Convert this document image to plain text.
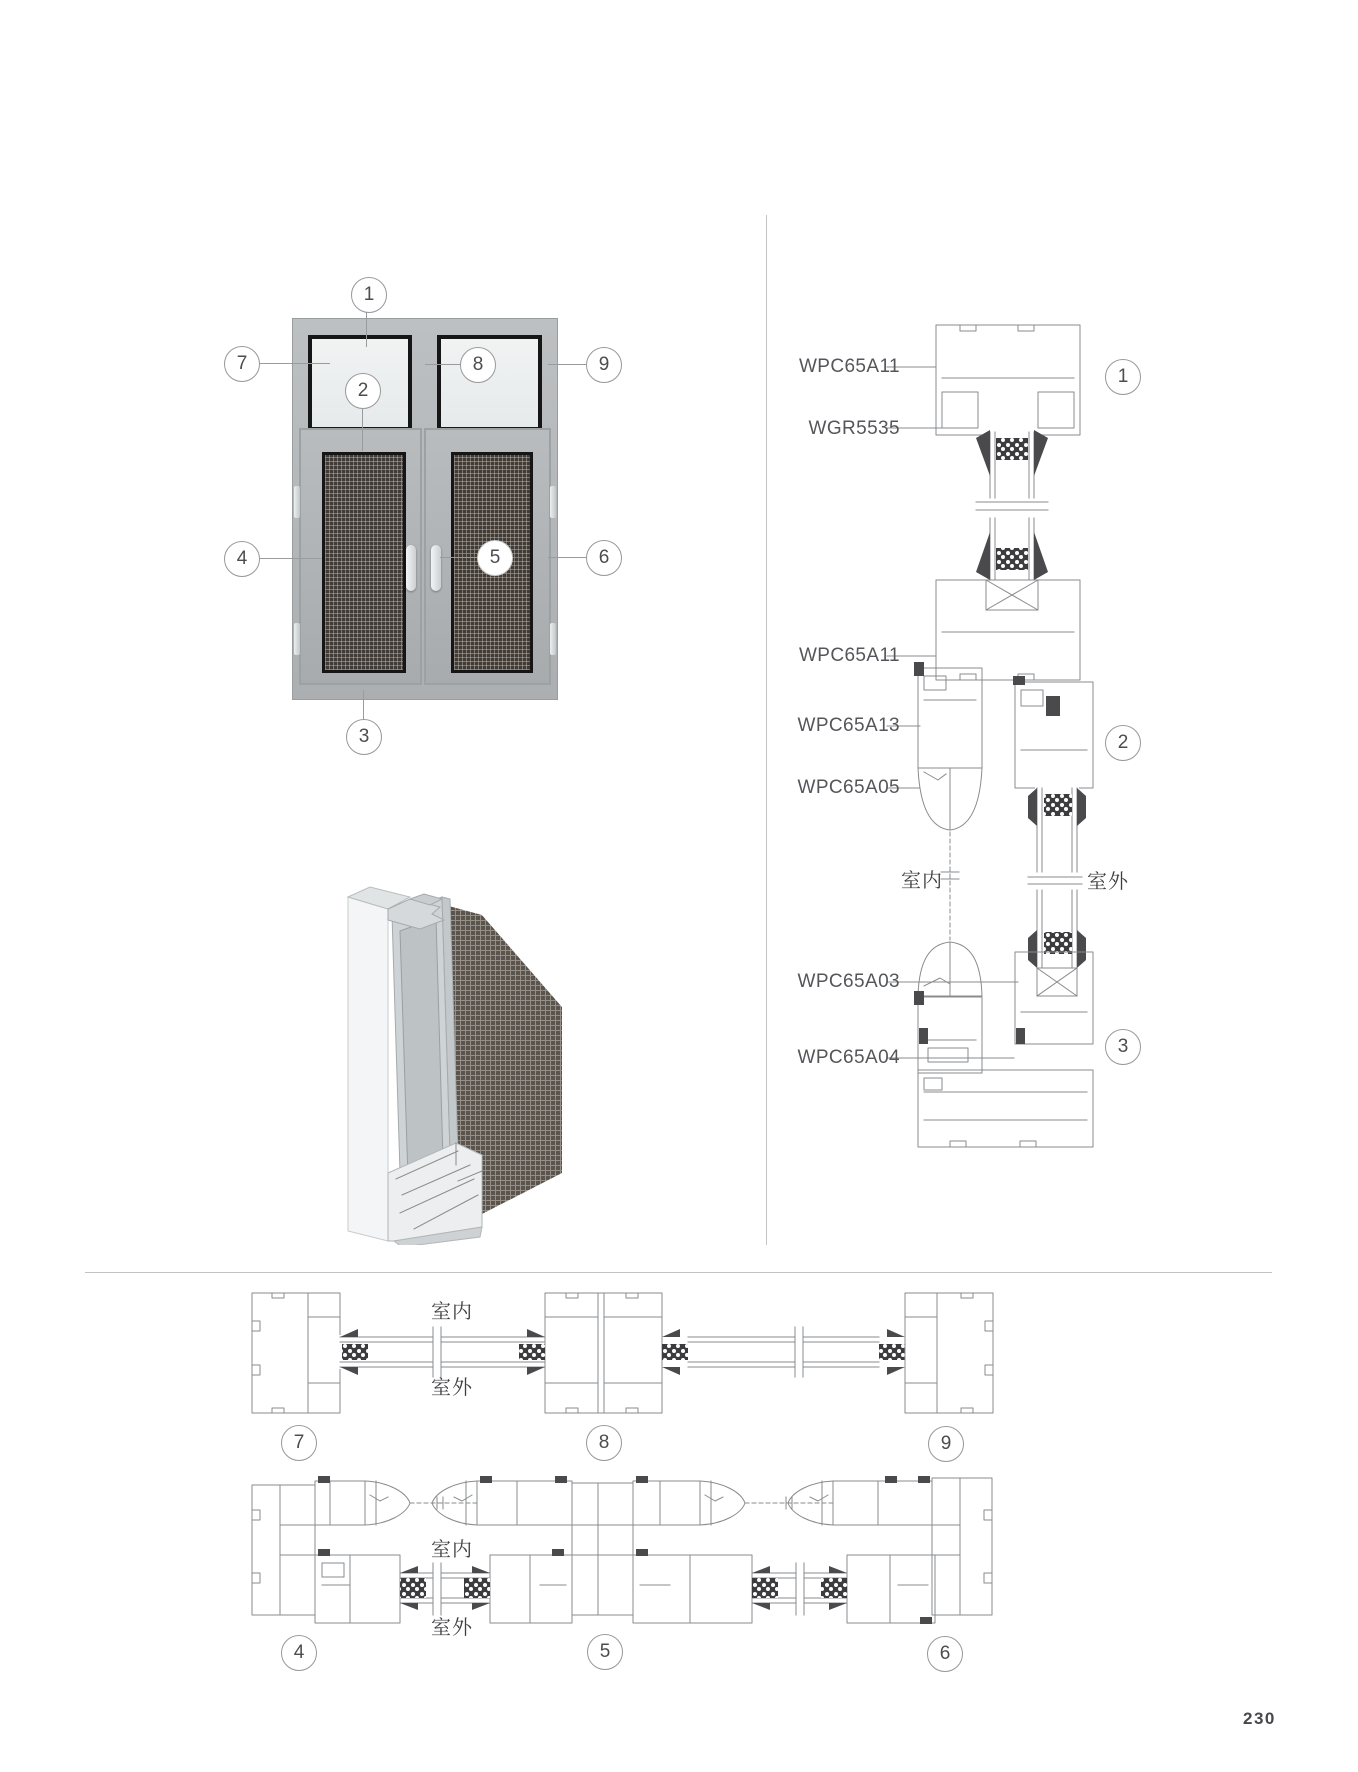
1
7	8	9
2
4	5	6
3
WPC65A11
WGR5535
WPC65A11
WPC65A13
WPC65A05
WPC65A03
WPC65A04
室内	室外
1
2
3
室内
室外
室内
室外
7	8	9
4	5	6
230
